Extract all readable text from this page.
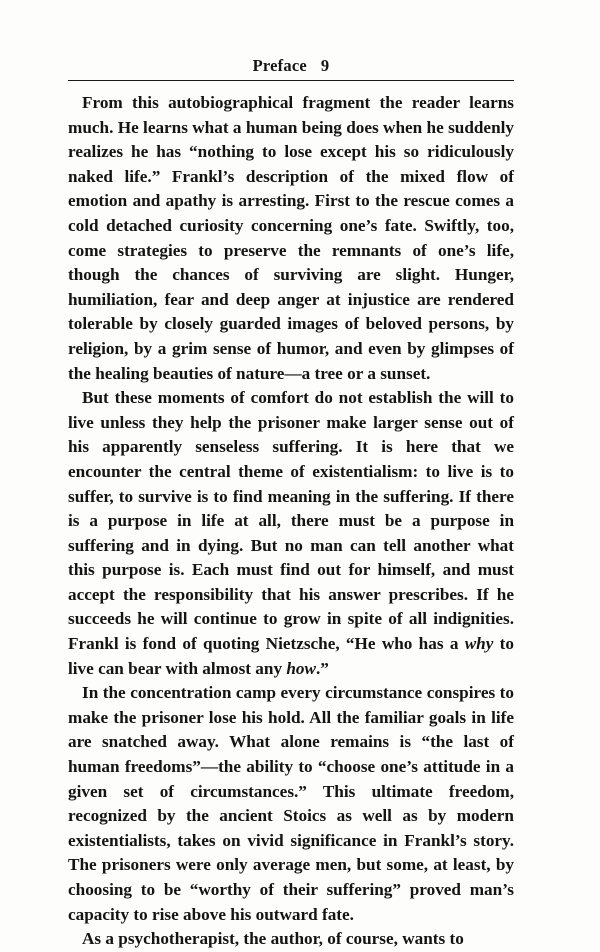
Preface 9

From this autobiographical fragment the reader learns much. He learns what a human being does when he suddenly realizes he has “nothing to lose except his so ridiculously naked life.” Frankl’s description of the mixed flow of emotion and apathy is arresting. First to the rescue comes a cold detached curiosity concerning one’s fate. Swiftly, too, come strategies to preserve the remnants of one’s life, though the chances of surviving are slight. Hunger, humiliation, fear and deep anger at injustice are rendered tolerable by closely guarded images of beloved persons, by religion, by a grim sense of humor, and even by glimpses of the healing beauties of nature—a tree or a sunset.

But these moments of comfort do not establish the will to live unless they help the prisoner make larger sense out of his apparently senseless suffering. It is here that we encounter the central theme of existentialism: to live is to suffer, to survive is to find meaning in the suffering. If there is a purpose in life at all, there must be a purpose in suffering and in dying. But no man can tell another what this purpose is. Each must find out for himself, and must accept the responsibility that his answer prescribes. If he succeeds he will continue to grow in spite of all indignities. Frankl is fond of quoting Nietzsche, “He who has a why to live can bear with almost any how.”

In the concentration camp every circumstance conspires to make the prisoner lose his hold. All the familiar goals in life are snatched away. What alone remains is “the last of human freedoms”—the ability to “choose one’s attitude in a given set of circumstances.” This ultimate freedom, recognized by the ancient Stoics as well as by modern existentialists, takes on vivid significance in Frankl’s story. The prisoners were only average men, but some, at least, by choosing to be “worthy of their suffering” proved man’s capacity to rise above his outward fate.

As a psychotherapist, the author, of course, wants to
